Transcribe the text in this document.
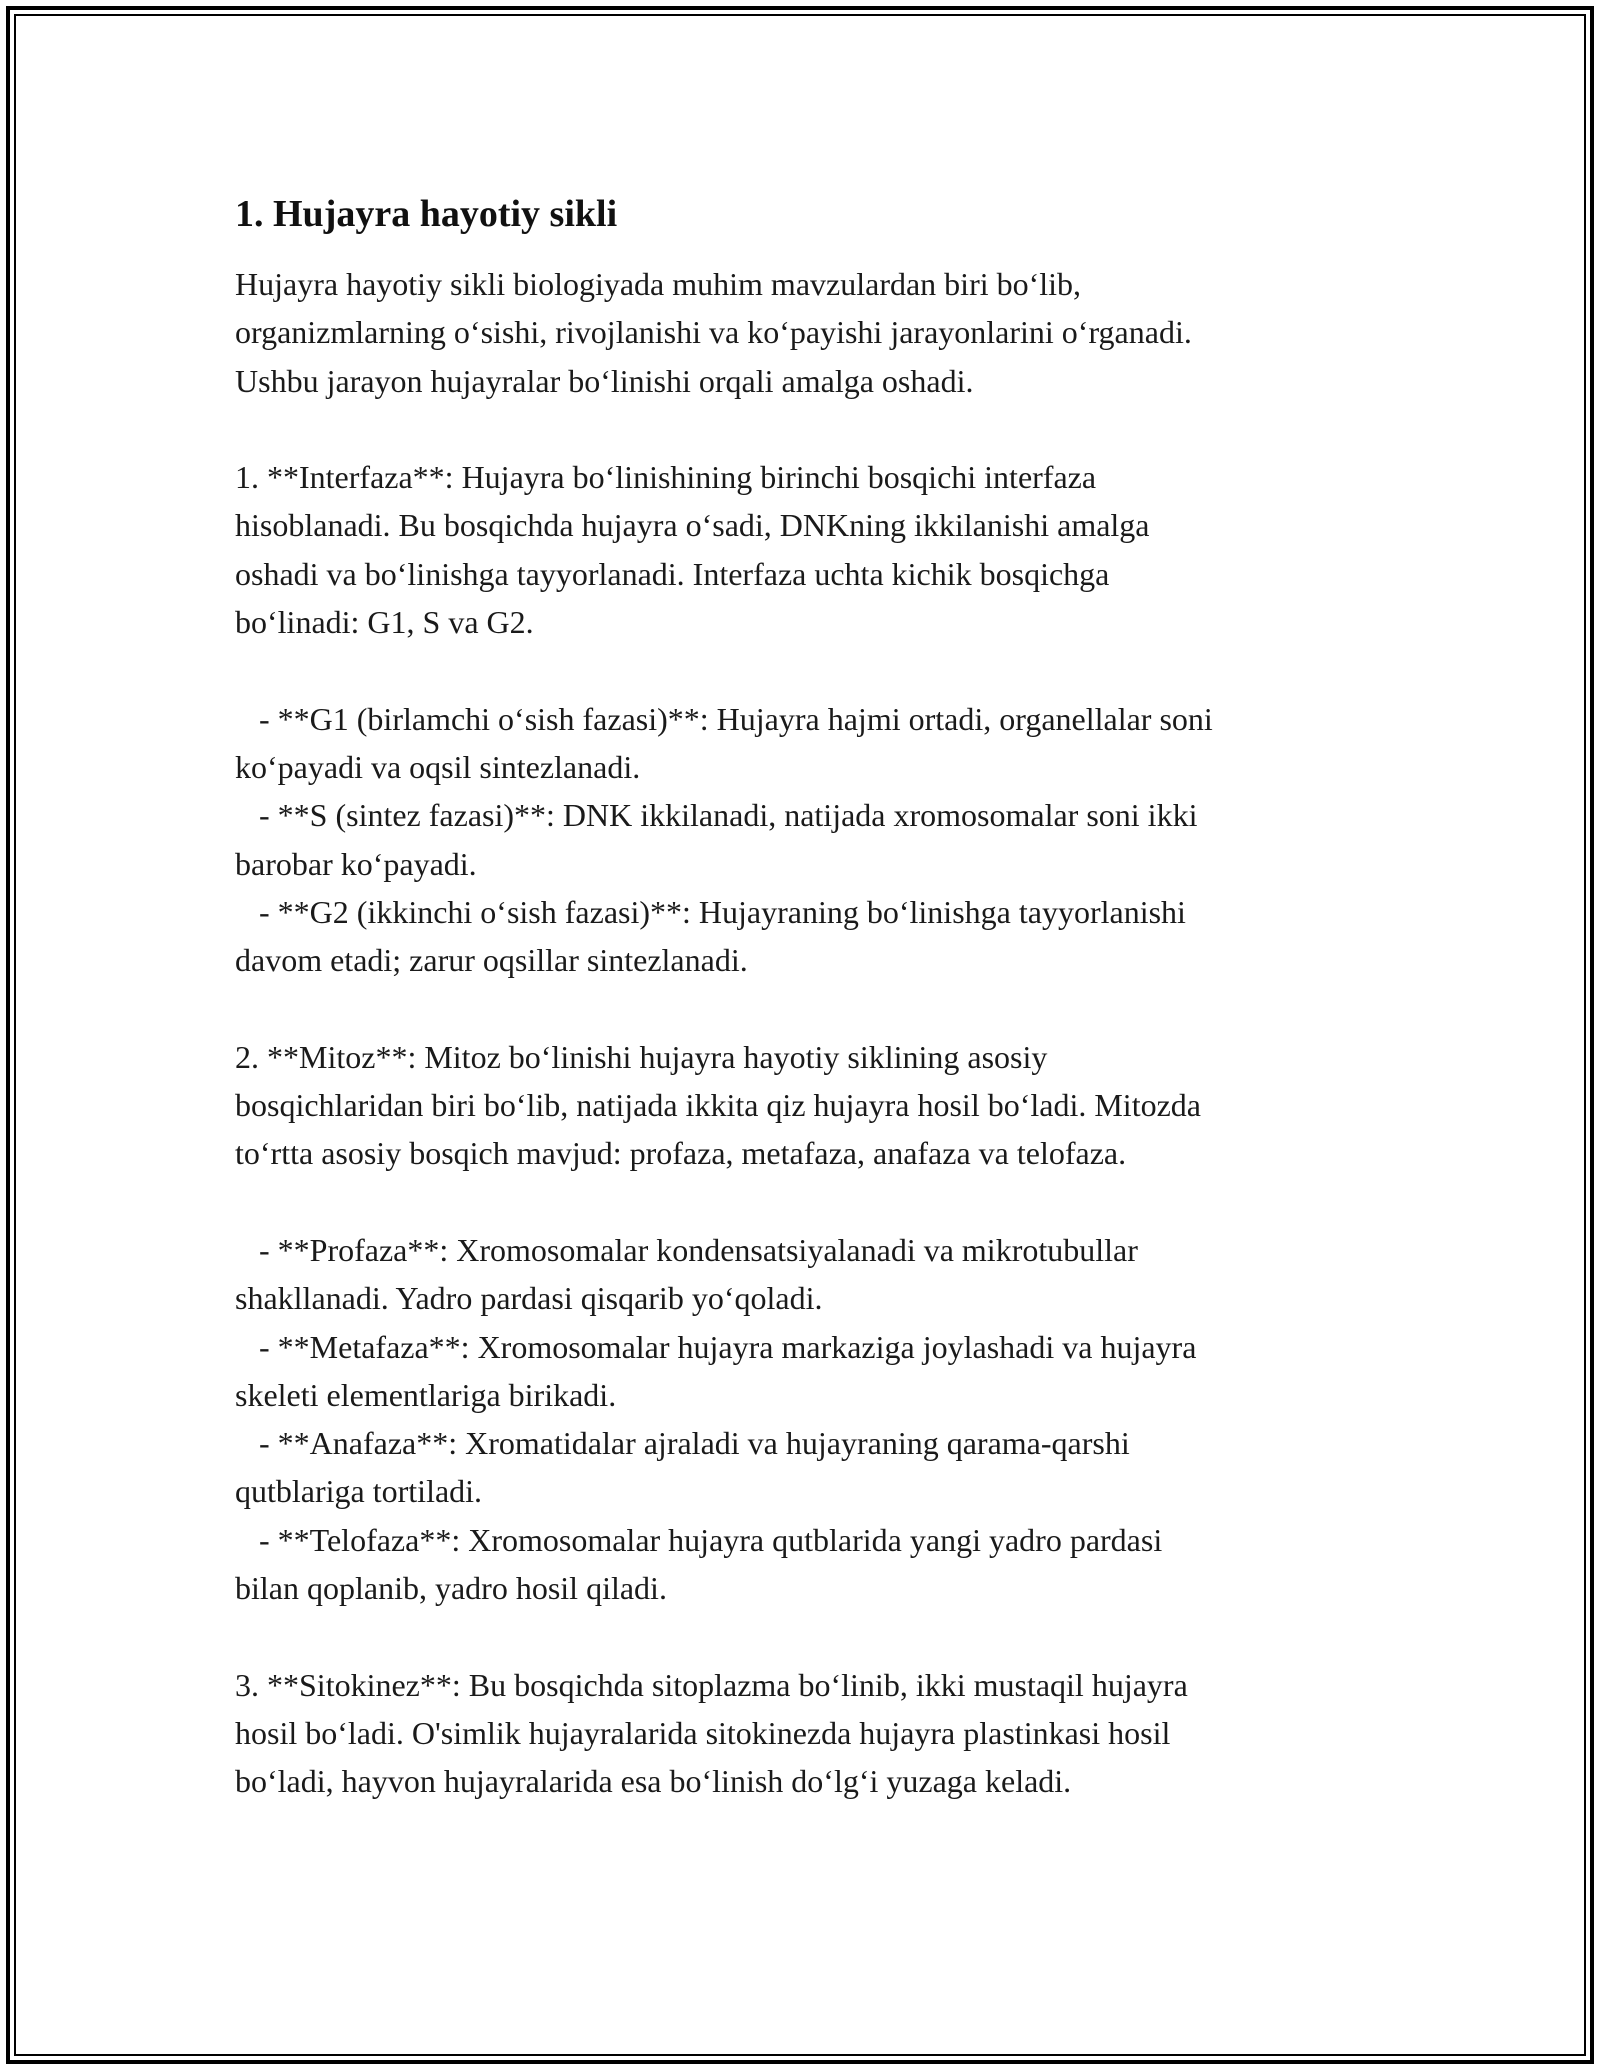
1. Hujayra hayotiy sikli

Hujayra hayotiy sikli biologiyada muhim mavzulardan biri bo‘lib,

organizmlarning o‘sishi, rivojlanishi va ko‘payishi jarayonlarini o‘rganadi.

Ushbu jarayon hujayralar bo‘linishi orqali amalga oshadi.

1. **Interfaza**: Hujayra bo‘linishining birinchi bosqichi interfaza

hisoblanadi. Bu bosqichda hujayra o‘sadi, DNKning ikkilanishi amalga

oshadi va bo‘linishga tayyorlanadi. Interfaza uchta kichik bosqichga

bo‘linadi: G1, S va G2.

- **G1 (birlamchi o‘sish fazasi)**: Hujayra hajmi ortadi, organellalar soni

ko‘payadi va oqsil sintezlanadi.

- **S (sintez fazasi)**: DNK ikkilanadi, natijada xromosomalar soni ikki

barobar ko‘payadi.

- **G2 (ikkinchi o‘sish fazasi)**: Hujayraning bo‘linishga tayyorlanishi

davom etadi; zarur oqsillar sintezlanadi.

2. **Mitoz**: Mitoz bo‘linishi hujayra hayotiy siklining asosiy

bosqichlaridan biri bo‘lib, natijada ikkita qiz hujayra hosil bo‘ladi. Mitozda

to‘rtta asosiy bosqich mavjud: profaza, metafaza, anafaza va telofaza.

- **Profaza**: Xromosomalar kondensatsiyalanadi va mikrotubullar

shakllanadi. Yadro pardasi qisqarib yo‘qoladi.

- **Metafaza**: Xromosomalar hujayra markaziga joylashadi va hujayra

skeleti elementlariga birikadi.

- **Anafaza**: Xromatidalar ajraladi va hujayraning qarama-qarshi

qutblariga tortiladi.

- **Telofaza**: Xromosomalar hujayra qutblarida yangi yadro pardasi

bilan qoplanib, yadro hosil qiladi.

3. **Sitokinez**: Bu bosqichda sitoplazma bo‘linib, ikki mustaqil hujayra

hosil bo‘ladi. O'simlik hujayralarida sitokinezda hujayra plastinkasi hosil

bo‘ladi, hayvon hujayralarida esa bo‘linish do‘lg‘i yuzaga keladi.
